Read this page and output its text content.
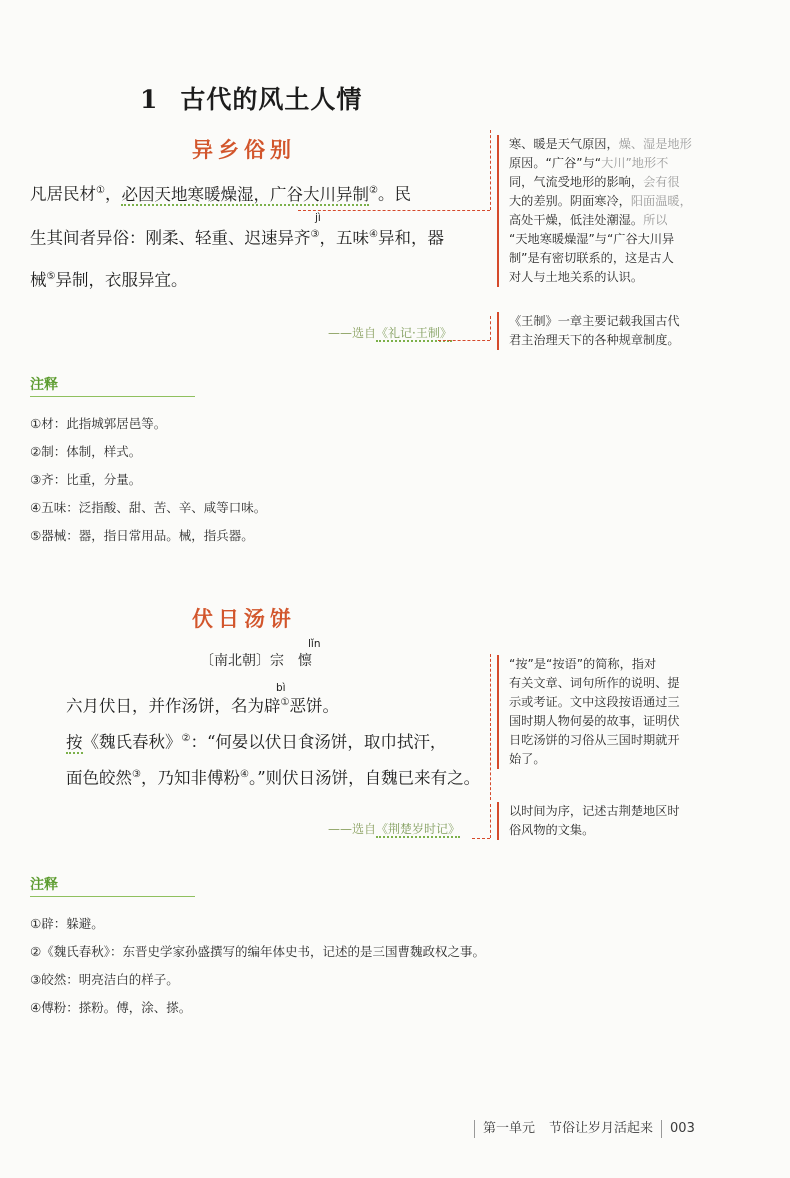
1 古代的风土人情
异乡俗别
凡居民材①，必因天地寒暖燥湿，广谷大川异制②。民
jì
生其间者异俗：刚柔、轻重、迟速异齐③，五味④异和，器
械⑤异制，衣服异宜。
——选自《礼记·王制》
寒、暖是天气原因，燥、湿是地形
原因。“广谷”与“大川”地形不
同，气流受地形的影响，会有很
大的差别。阴面寒冷，阳面温暖，
高处干燥，低洼处潮湿。所以
“天地寒暖燥湿”与“广谷大川异
制”是有密切联系的，这是古人
对人与土地关系的认识。
《王制》一章主要记载我国古代
君主治理天下的各种规章制度。
注释
①材：此指城郭居邑等。
②制：体制，样式。
③齐：比重，分量。
④五味：泛指酸、甜、苦、辛、咸等口味。
⑤器械：器，指日常用品。械，指兵器。
伏日汤饼
lǐn
〔南北朝〕宗 懔
bì
六月伏日，并作汤饼，名为辟①恶饼。
按《魏氏春秋》②：“何晏以伏日食汤饼，取巾拭汗，
面色皎然③，乃知非傅粉④。”则伏日汤饼，自魏已来有之。
——选自《荆楚岁时记》
“按”是“按语”的简称，指对
有关文章、词句所作的说明、提
示或考证。文中这段按语通过三
国时期人物何晏的故事，证明伏
日吃汤饼的习俗从三国时期就开
始了。
以时间为序，记述古荆楚地区时
俗风物的文集。
注释
①辟：躲避。
②《魏氏春秋》：东晋史学家孙盛撰写的编年体史书，记述的是三国曹魏政权之事。
③皎然：明亮洁白的样子。
④傅粉：搽粉。傅，涂、搽。
第一单元 节俗让岁月活起来 003
